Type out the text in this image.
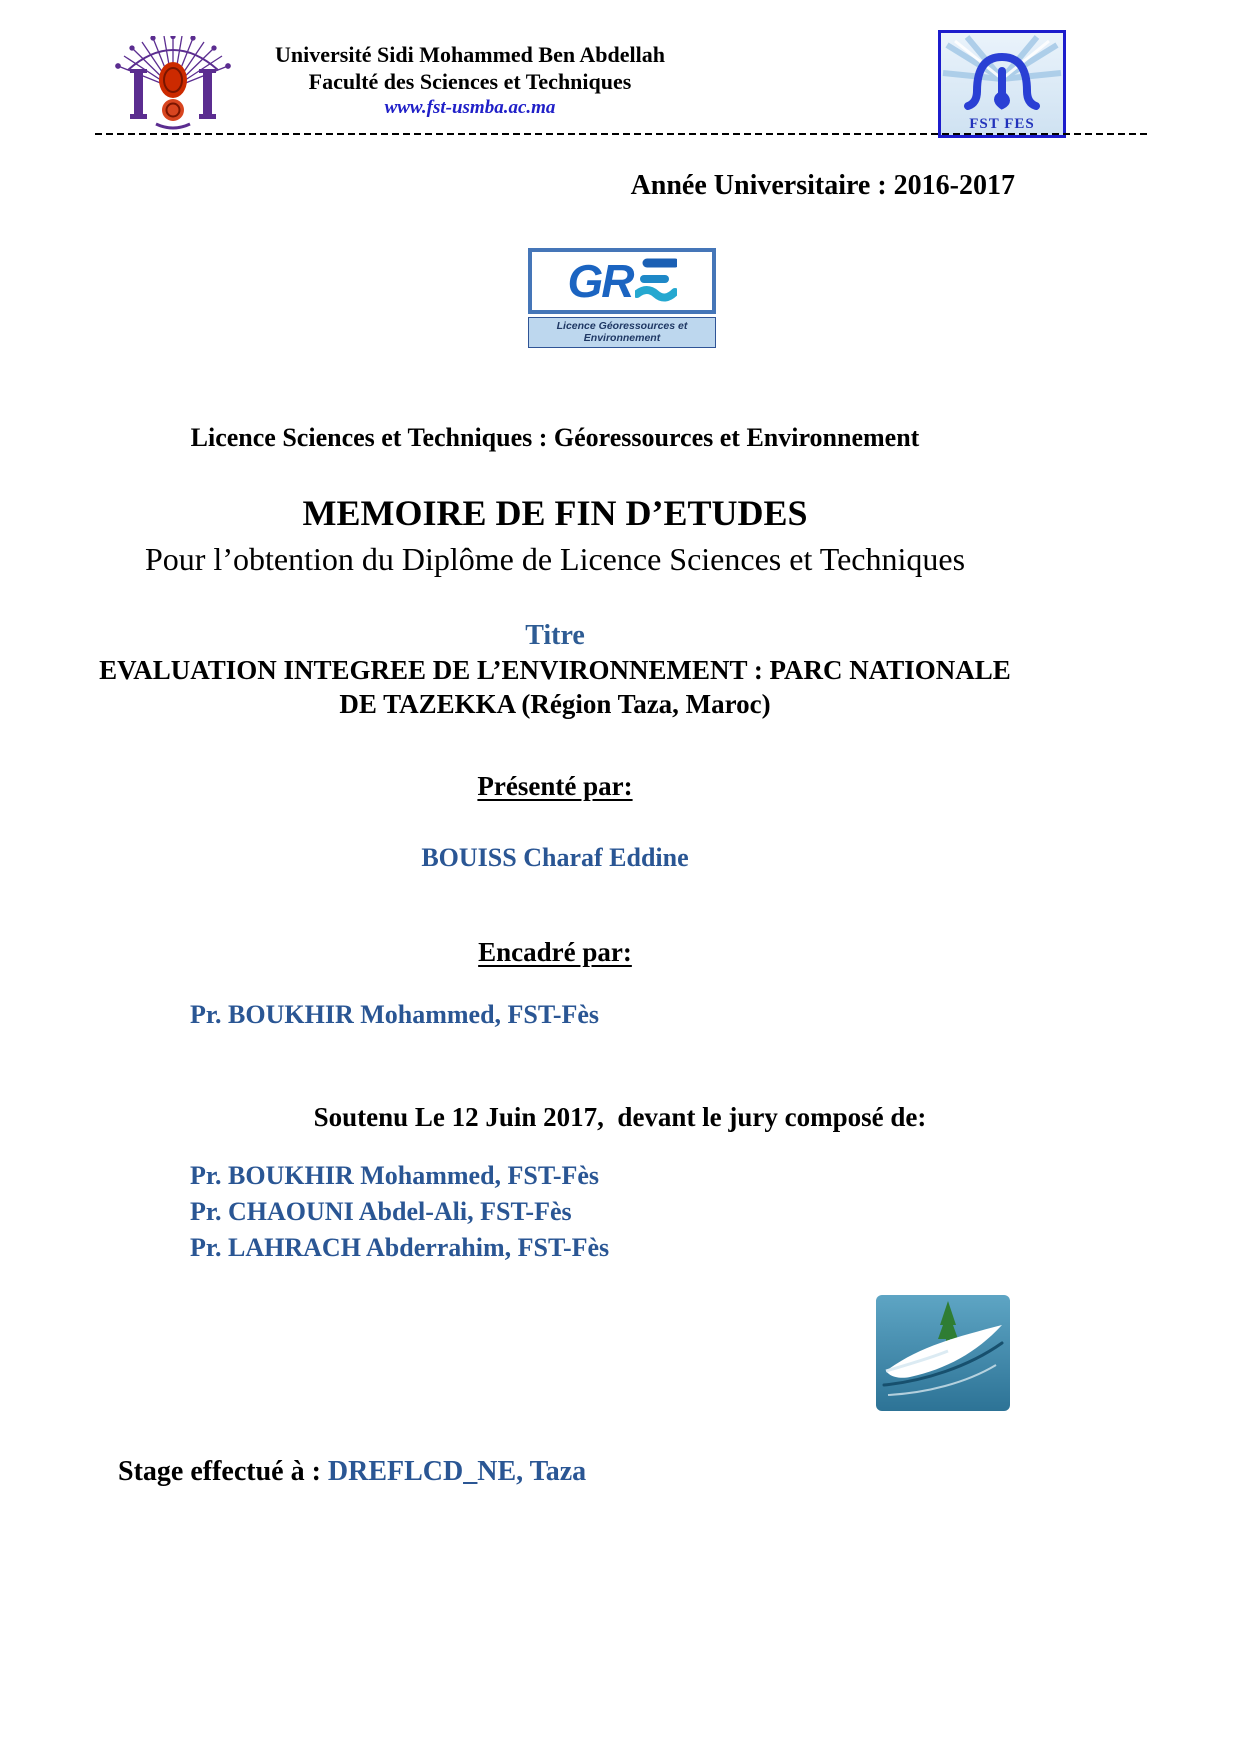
Université Sidi Mohammed Ben Abdellah
Faculté des Sciences et Techniques
www.fst-usmba.ac.ma
FST FES
Année Universitaire : 2016-2017
GR
Licence Géoressources et Environnement
Licence Sciences et Techniques : Géoressources et Environnement
MEMOIRE DE FIN D’ETUDES
Pour l’obtention du Diplôme de Licence Sciences et Techniques
Titre
EVALUATION INTEGREE DE L’ENVIRONNEMENT : PARC NATIONALE
DE TAZEKKA (Région Taza, Maroc)
Présenté par:
BOUISS Charaf Eddine
Encadré par:
Pr. BOUKHIR Mohammed, FST-Fès
Soutenu Le 12 Juin 2017,  devant le jury composé de:
Pr. BOUKHIR Mohammed, FST-Fès
Pr. CHAOUNI Abdel-Ali, FST-Fès
Pr. LAHRACH Abderrahim, FST-Fès
Stage effectué à : DREFLCD_NE, Taza
